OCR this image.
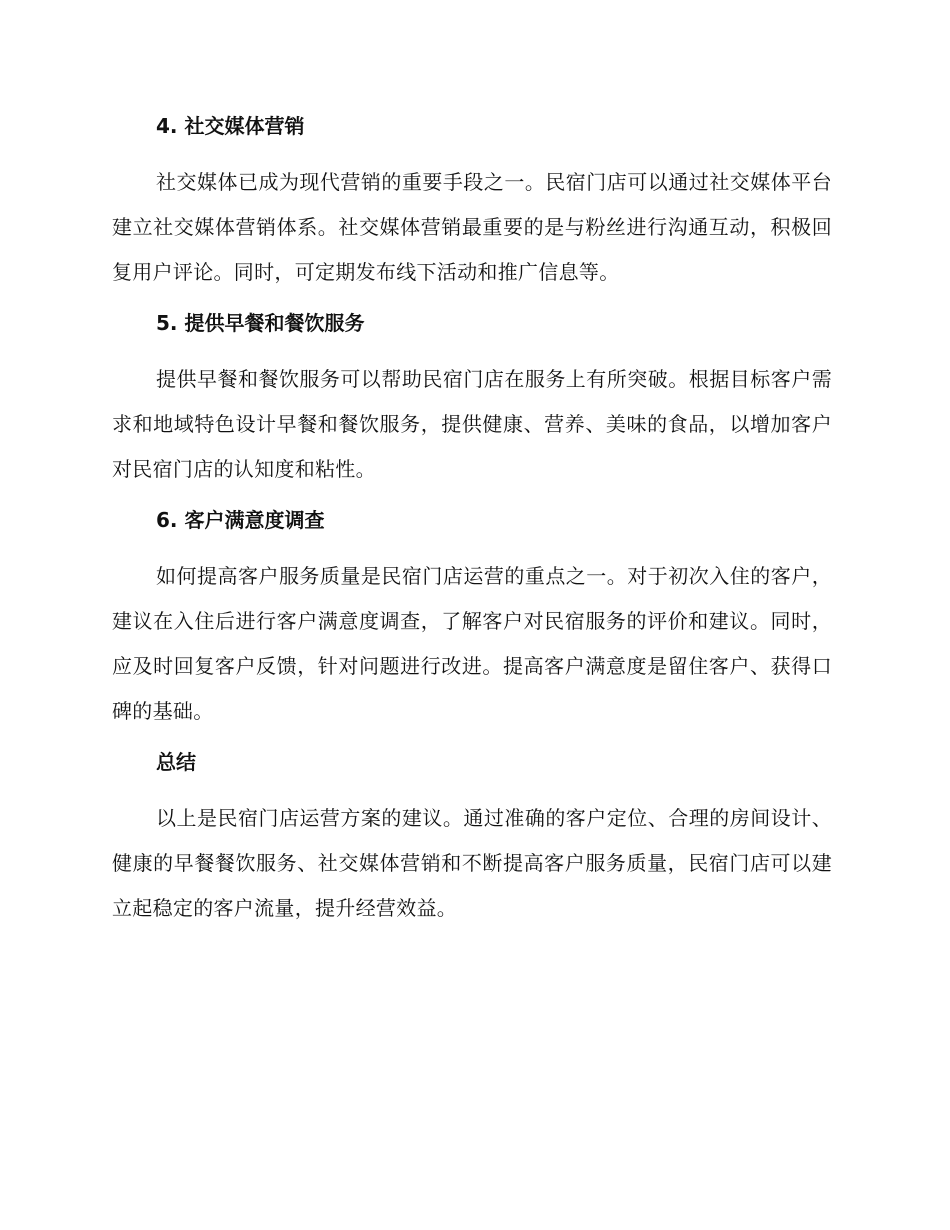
4. 社交媒体营销

社交媒体已成为现代营销的重要手段之一。民宿门店可以通过社交媒体平台建立社交媒体营销体系。社交媒体营销最重要的是与粉丝进行沟通互动，积极回复用户评论。同时，可定期发布线下活动和推广信息等。

5. 提供早餐和餐饮服务

提供早餐和餐饮服务可以帮助民宿门店在服务上有所突破。根据目标客户需求和地域特色设计早餐和餐饮服务，提供健康、营养、美味的食品，以增加客户对民宿门店的认知度和粘性。

6. 客户满意度调查

如何提高客户服务质量是民宿门店运营的重点之一。对于初次入住的客户，建议在入住后进行客户满意度调查，了解客户对民宿服务的评价和建议。同时，应及时回复客户反馈，针对问题进行改进。提高客户满意度是留住客户、获得口碑的基础。

总结

以上是民宿门店运营方案的建议。通过准确的客户定位、合理的房间设计、健康的早餐餐饮服务、社交媒体营销和不断提高客户服务质量，民宿门店可以建立起稳定的客户流量，提升经营效益。
